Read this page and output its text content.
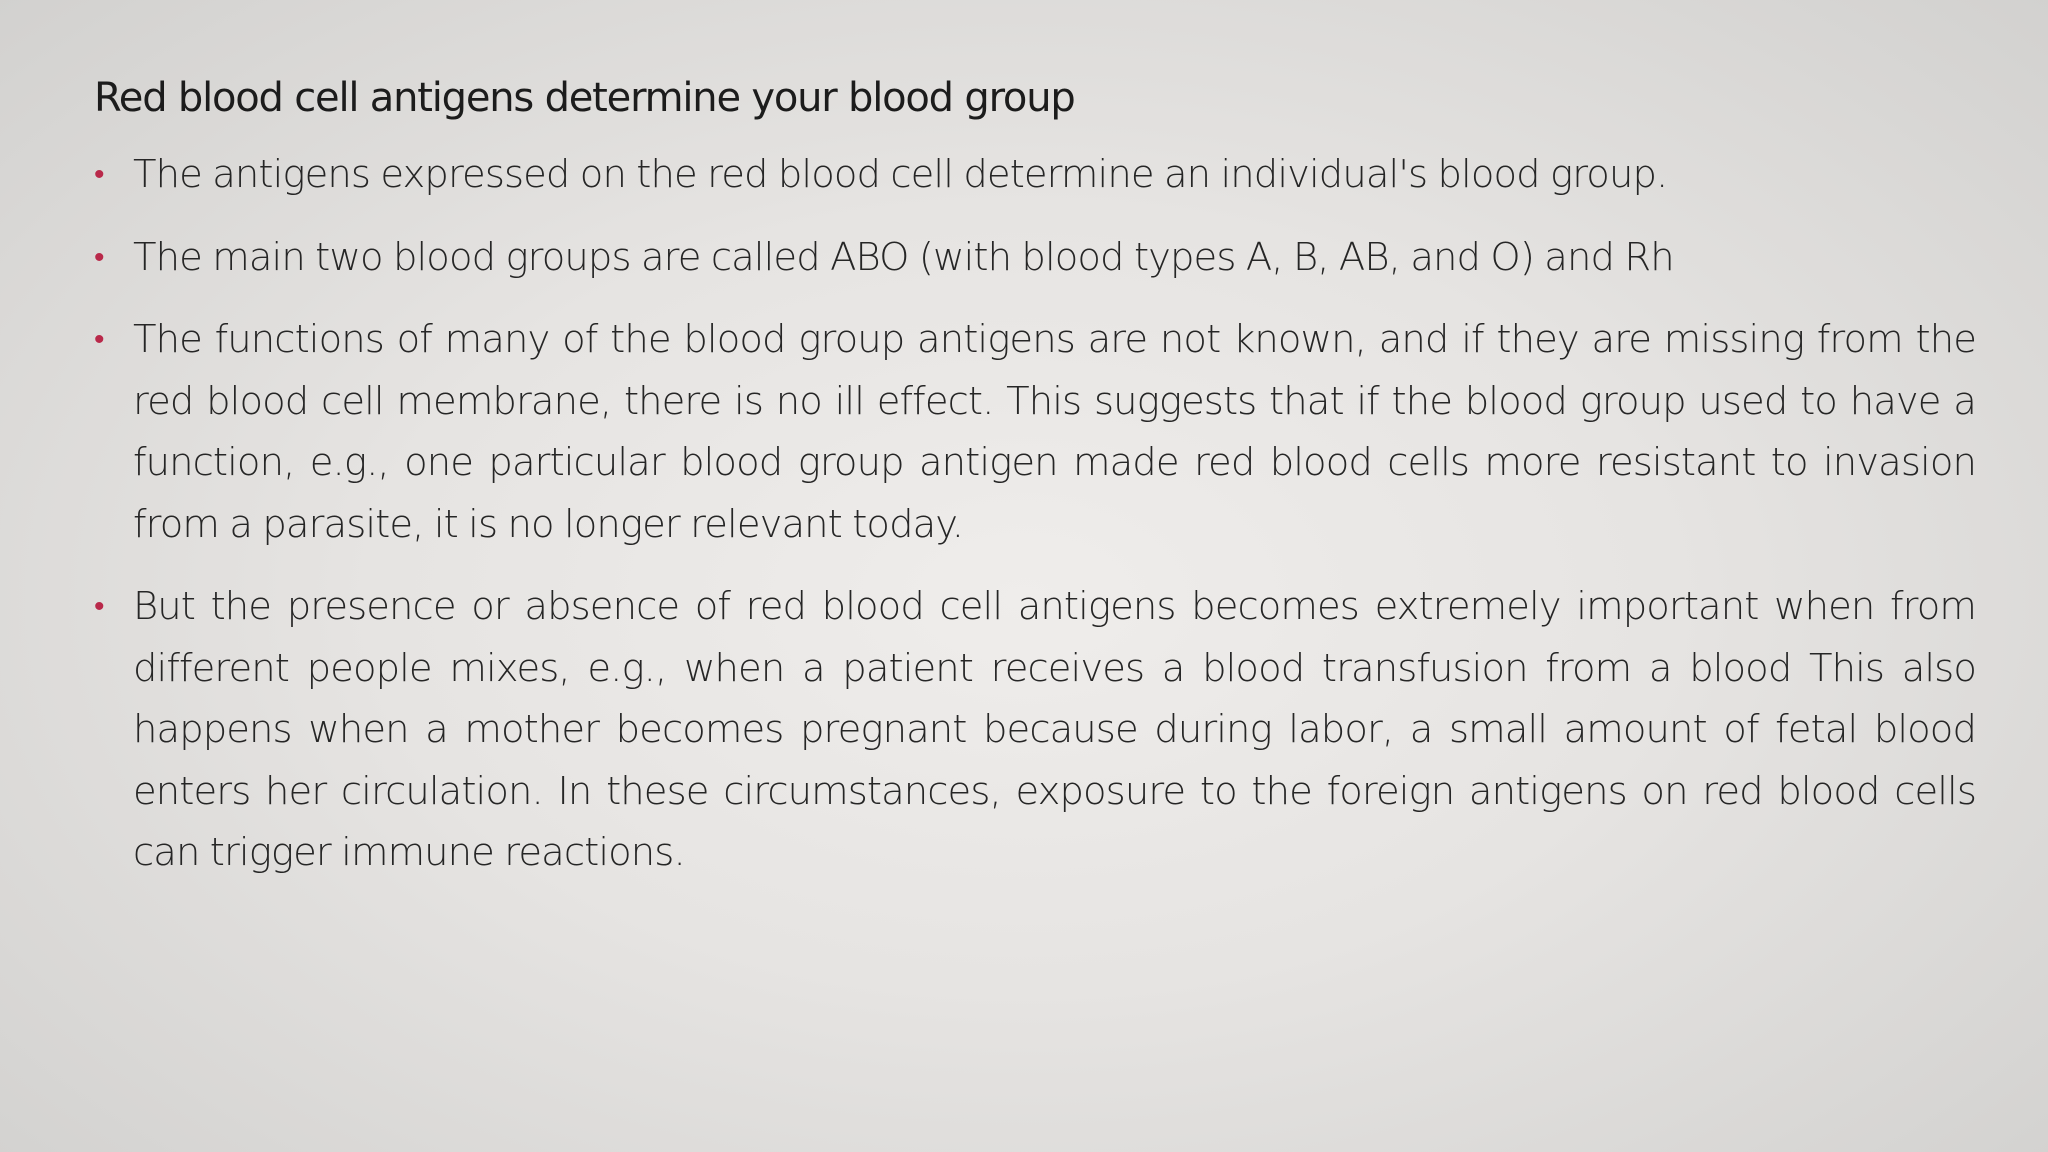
Red blood cell antigens determine your blood group
• The antigens expressed on the red blood cell determine an individual's blood group.
• The main two blood groups are called ABO (with blood types A, B, AB, and O) and Rh
• The functions of many of the blood group antigens are not known, and if they are missing from the red blood cell membrane, there is no ill effect. This suggests that if the blood group used to have a function, e.g., one particular blood group antigen made red blood cells more resistant to invasion from a parasite, it is no longer relevant today.
• But the presence or absence of red blood cell antigens becomes extremely important when from different people mixes, e.g., when a patient receives a blood transfusion from a blood This also happens when a mother becomes pregnant because during labor, a small amount of fetal blood enters her circulation. In these circumstances, exposure to the foreign antigens on red blood cells can trigger immune reactions.
